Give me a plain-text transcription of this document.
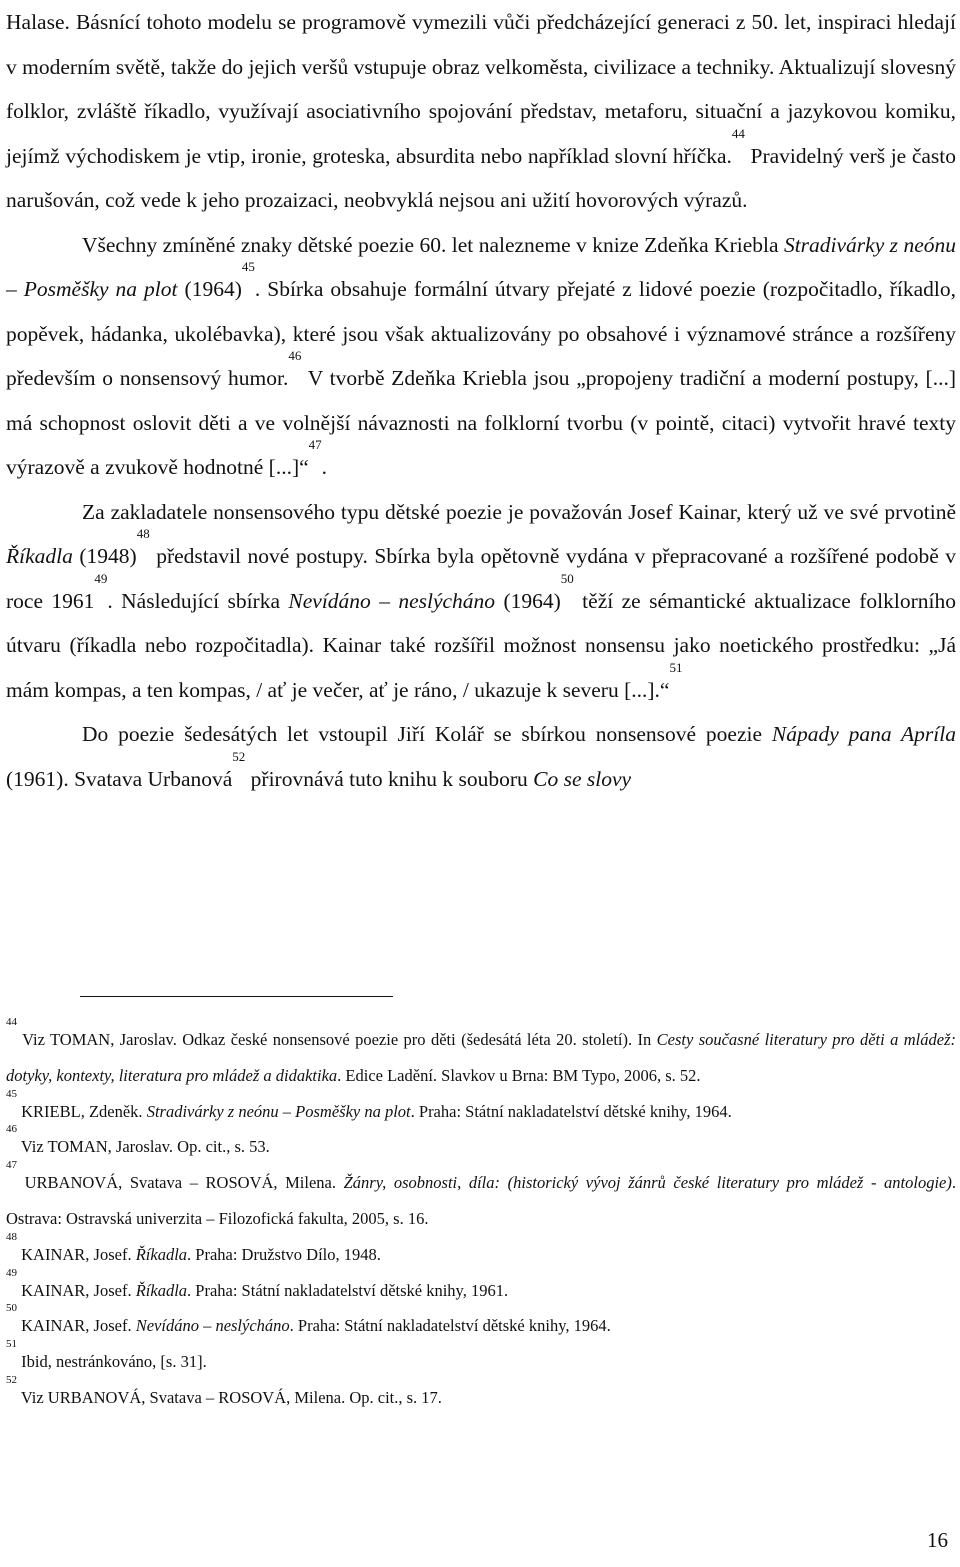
Halase. Básnící tohoto modelu se programově vymezili vůči předcházející generaci z 50. let, inspiraci hledají v moderním světě, takže do jejich veršů vstupuje obraz velkoměsta, civilizace a techniky. Aktualizují slovesný folklor, zvláště říkadlo, využívají asociativního spojování představ, metaforu, situační a jazykovou komiku, jejímž východiskem je vtip, ironie, groteska, absurdita nebo například slovní hříčka.$^{44}$ Pravidelný verš je často narušován, což vede k jeho prozaizaci, neobvyklá nejsou ani užití hovorových výrazů.

Všechny zmíněné znaky dětské poezie 60. let nalezneme v knize Zdeňka Kriebla Stradivárky z neónu – Posměšky na plot $(1964)^{45}$. Sbírka obsahuje formální útvary přejaté z lidové poezie (rozpočitadlo, říkadlo, popěvek, hádanka, ukolébavka), které jsou však aktualizovány po obsahové i významové stránce a rozšířeny především o nonsensový humor.$^{46}$ V tvorbě Zdeňka Kriebla jsou „propojeny tradiční a moderní postupy, [...] má schopnost oslovit děti a ve volnější návaznosti na folklorní tvorbu (v pointě, citaci) vytvořit hravé texty výrazově a zvukově hodnotné [...]“$^{47}$.

Za zakladatele nonsensového typu dětské poezie je považován Josef Kainar, který už ve své prvotině Říkadla $(1948)^{48}$ představil nové postupy. Sbírka byla opětovně vydána v přepracované a rozšířené podobě v roce 1961$^{49}$. Následující sbírka Nevídáno – neslýcháno $(1964)^{50}$ těží ze sémantické aktualizace folklorního útvaru (říkadla nebo rozpočitadla). Kainar také rozšířil možnost nonsensu jako noetického prostředku: „Já mám kompas, a ten kompas, / ať je večer, ať je ráno, / ukazuje k severu [...].“$^{51}$

Do poezie šedesátých let vstoupil Jiří Kolář se sbírkou nonsensové poezie Nápady pana Apríla (1961). Svatava Urbanová$^{52}$ přirovnává tuto knihu k souboru Co se slovy

$^{44}$ Viz TOMAN, Jaroslav. Odkaz české nonsensové poezie pro děti (šedesátá léta 20. století). In Cesty současné literatury pro děti a mládež: dotyky, kontexty, literatura pro mládež a didaktika. Edice Ladění. Slavkov u Brna: BM Typo, 2006, s. 52.

$^{45}$ KRIEBL, Zdeněk. Stradivárky z neónu – Posměšky na plot. Praha: Státní nakladatelství dětské knihy, 1964.

$^{46}$ Viz TOMAN, Jaroslav. Op. cit., s. 53.

$^{47}$ URBANOVÁ, Svatava – ROSOVÁ, Milena. Žánry, osobnosti, díla: (historický vývoj žánrů české literatury pro mládež - antologie). Ostrava: Ostravská univerzita – Filozofická fakulta, 2005, s. 16.

$^{48}$ KAINAR, Josef. Říkadla. Praha: Družstvo Dílo, 1948.

$^{49}$ KAINAR, Josef. Říkadla. Praha: Státní nakladatelství dětské knihy, 1961.

$^{50}$ KAINAR, Josef. Nevídáno – neslýcháno. Praha: Státní nakladatelství dětské knihy, 1964.

$^{51}$ Ibid, nestránkováno, [s. 31].

$^{52}$ Viz URBANOVÁ, Svatava – ROSOVÁ, Milena. Op. cit., s. 17.

16
